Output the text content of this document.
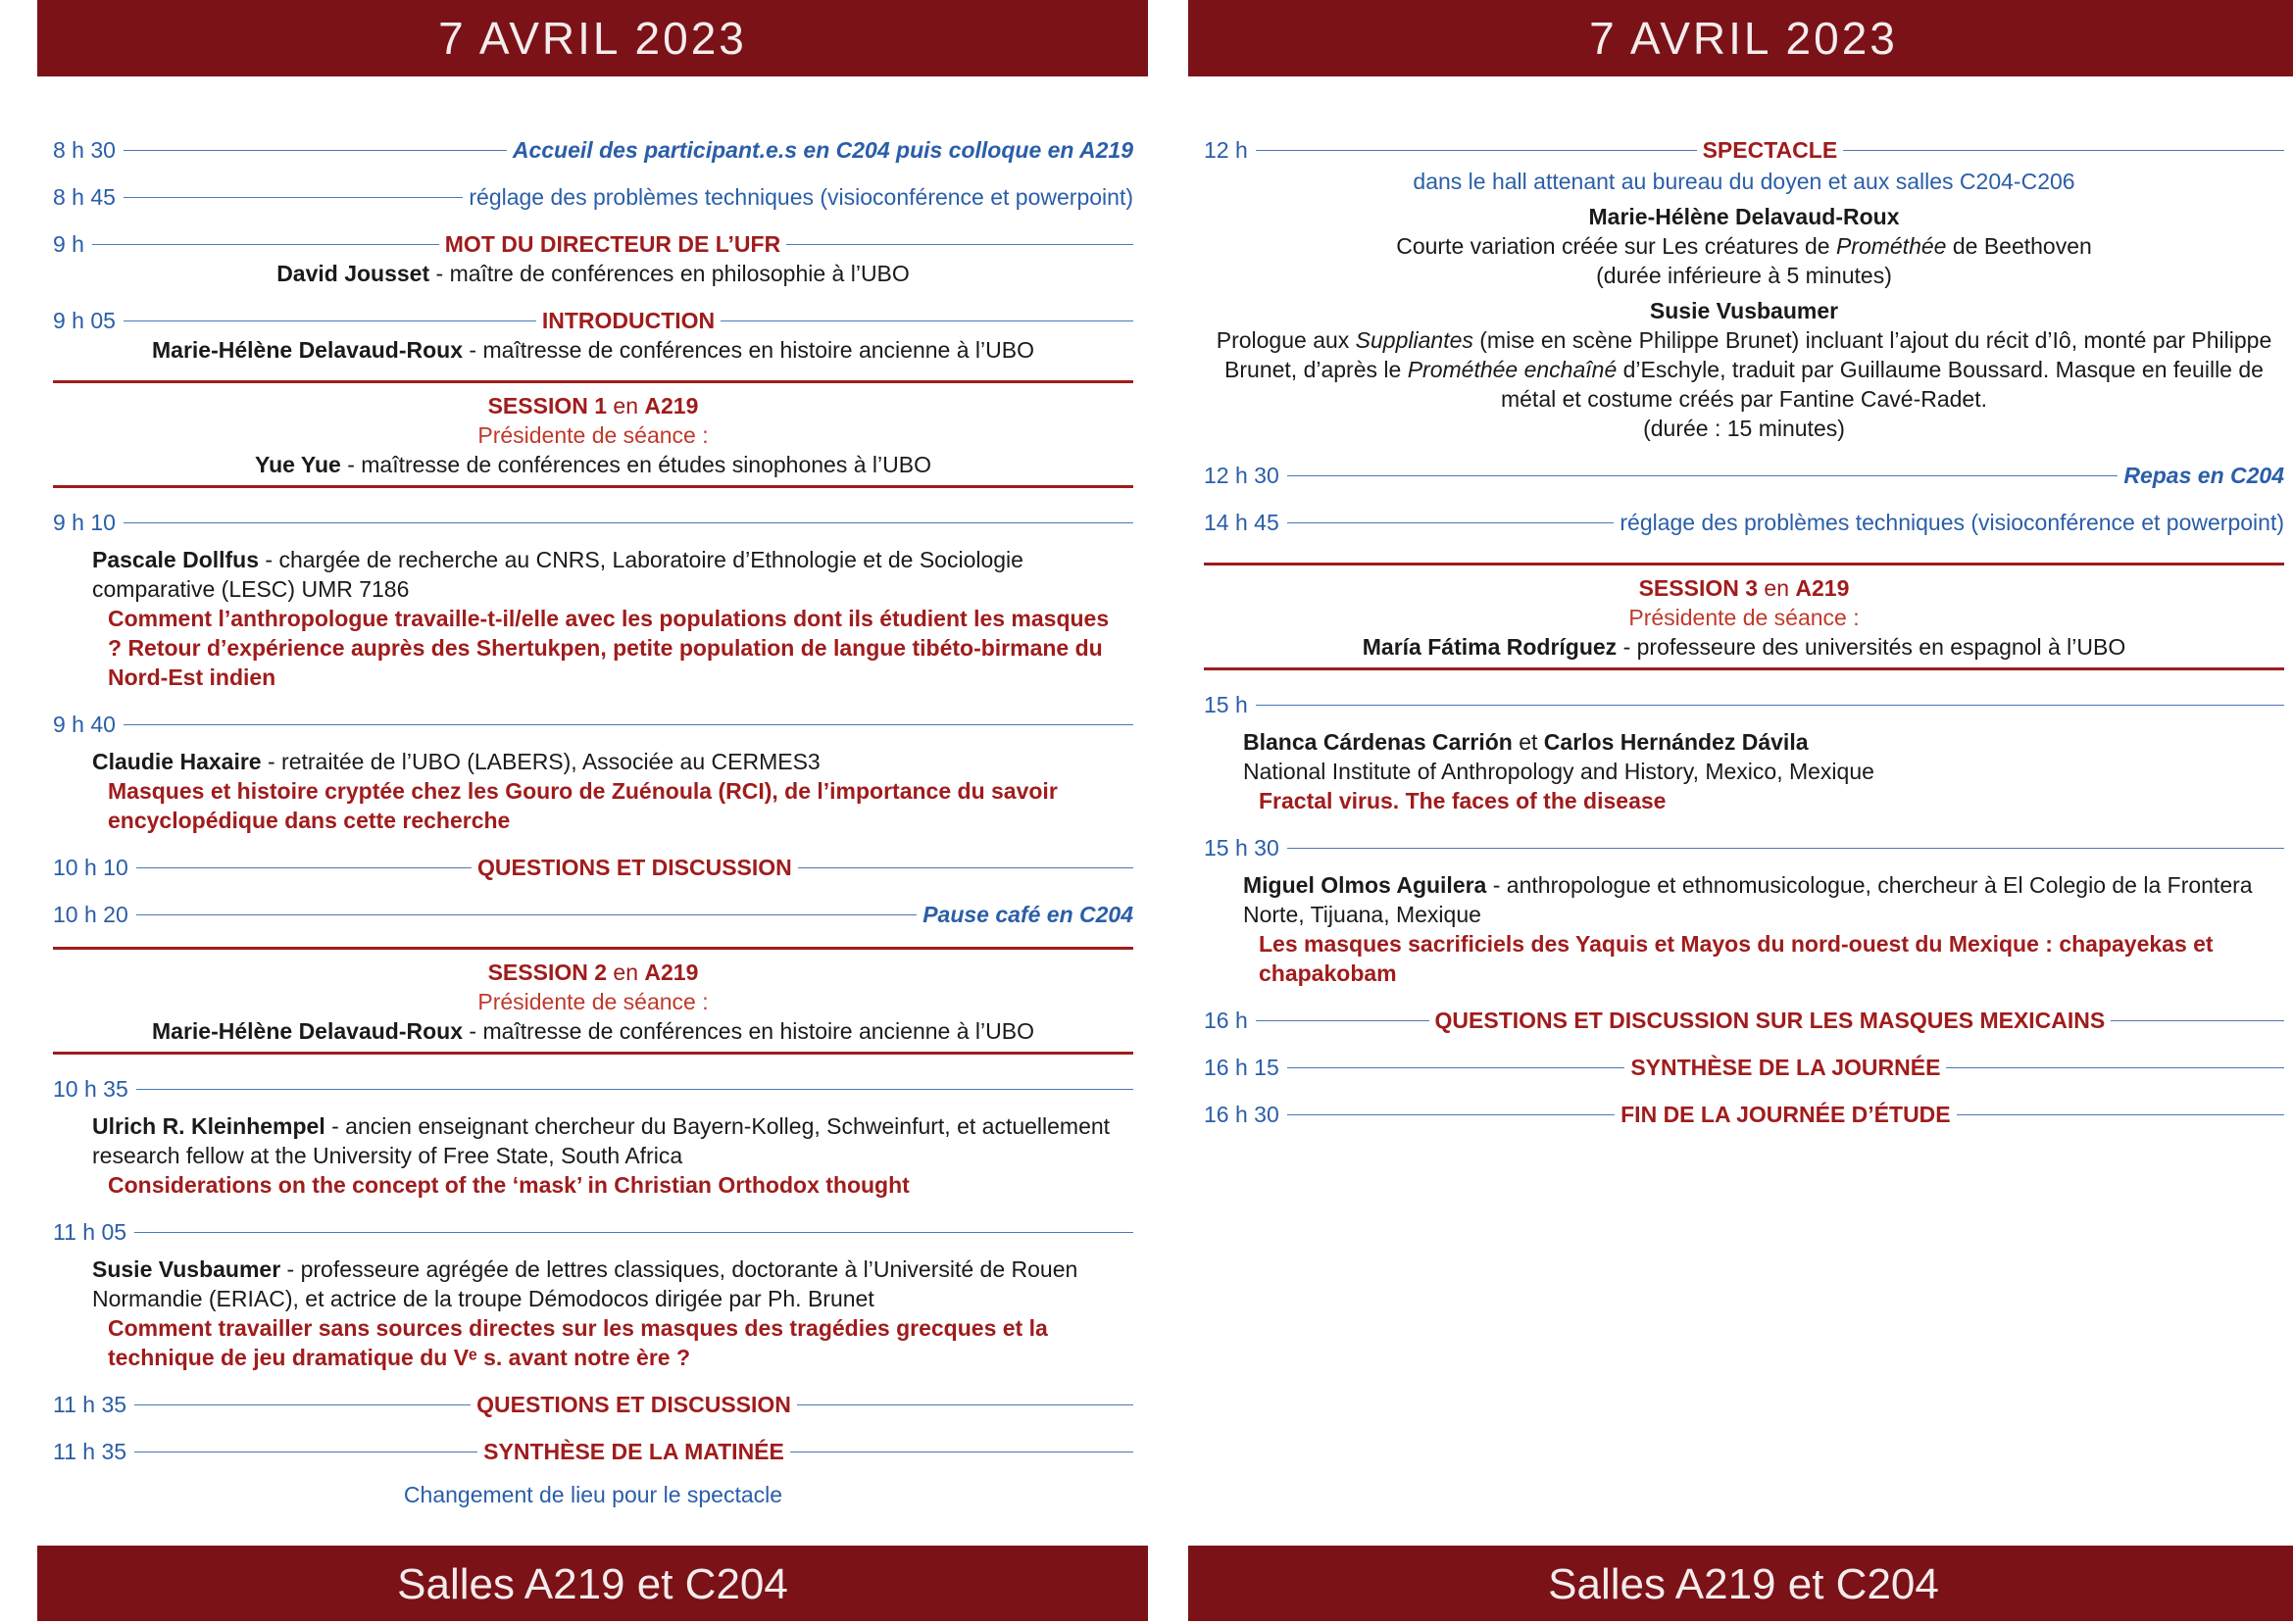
7 AVRIL 2023
8 h 30	Accueil des participant.e.s en C204 puis colloque en A219
8 h 45	réglage des problèmes techniques (visioconférence et powerpoint)
9 h	MOT DU DIRECTEUR DE L’UFR
David Jousset - maître de conférences en philosophie à l’UBO
9 h 05	INTRODUCTION
Marie-Hélène Delavaud-Roux - maîtresse de conférences en histoire ancienne à l’UBO
SESSION 1 en A219
Présidente de séance :
Yue Yue - maîtresse de conférences en études sinophones à l’UBO
9 h 10
Pascale Dollfus - chargée de recherche au CNRS, Laboratoire d’Ethnologie et de Sociologie comparative (LESC) UMR 7186
Comment l’anthropologue travaille-t-il/elle avec les populations dont ils étudient les masques ? Retour d’expérience auprès des Shertukpen, petite population de langue tibéto-birmane du Nord-Est indien
9 h 40
Claudie Haxaire - retraitée de l’UBO (LABERS), Associée au CERMES3
Masques et histoire cryptée chez les Gouro de Zuénoula (RCI), de l’importance du savoir encyclopédique dans cette recherche
10 h 10	QUESTIONS ET DISCUSSION
10 h 20	Pause café en C204
SESSION 2 en A219
Présidente de séance :
Marie-Hélène Delavaud-Roux - maîtresse de conférences en histoire ancienne à l’UBO
10 h 35
Ulrich R. Kleinhempel - ancien enseignant chercheur du Bayern-Kolleg, Schweinfurt, et actuellement research fellow at the University of Free State, South Africa
Considerations on the concept of the ‘mask’ in Christian Orthodox thought
11 h 05
Susie Vusbaumer - professeure agrégée de lettres classiques, doctorante à l’Université de Rouen Normandie (ERIAC), et actrice de la troupe Démodocos dirigée par Ph. Brunet
Comment travailler sans sources directes sur les masques des tragédies grecques et la technique de jeu dramatique du Vᵉ s. avant notre ère ?
11 h 35	QUESTIONS ET DISCUSSION
11 h 35	SYNTHÈSE DE LA MATINÉE
Changement de lieu pour le spectacle
Salles A219 et C204
7 AVRIL 2023
12 h	SPECTACLE
dans le hall attenant au bureau du doyen et aux salles C204-C206
Marie-Hélène Delavaud-Roux
Courte variation créée sur Les créatures de Prométhée de Beethoven
(durée inférieure à 5 minutes)
Susie Vusbaumer
Prologue aux Suppliantes (mise en scène Philippe Brunet) incluant l’ajout du récit d’Iô, monté par Philippe Brunet, d’après le Prométhée enchaîné d’Eschyle, traduit par Guillaume Boussard. Masque en feuille de métal et costume créés par Fantine Cavé-Radet.
(durée : 15 minutes)
12 h 30	Repas en C204
14 h 45	réglage des problèmes techniques (visioconférence et powerpoint)
SESSION 3 en A219
Présidente de séance :
María Fátima Rodríguez - professeure des universités en espagnol à l’UBO
15 h
Blanca Cárdenas Carrión et Carlos Hernández Dávila
National Institute of Anthropology and History, Mexico, Mexique
Fractal virus. The faces of the disease
15 h 30
Miguel Olmos Aguilera - anthropologue et ethnomusicologue, chercheur à El Colegio de la Frontera Norte, Tijuana, Mexique
Les masques sacrificiels des Yaquis et Mayos du nord-ouest du Mexique : chapayekas et chapakobam
16 h	QUESTIONS ET DISCUSSION SUR LES MASQUES MEXICAINS
16 h 15	SYNTHÈSE DE LA JOURNÉE
16 h 30	FIN DE LA JOURNÉE D’ÉTUDE
Salles A219 et C204
